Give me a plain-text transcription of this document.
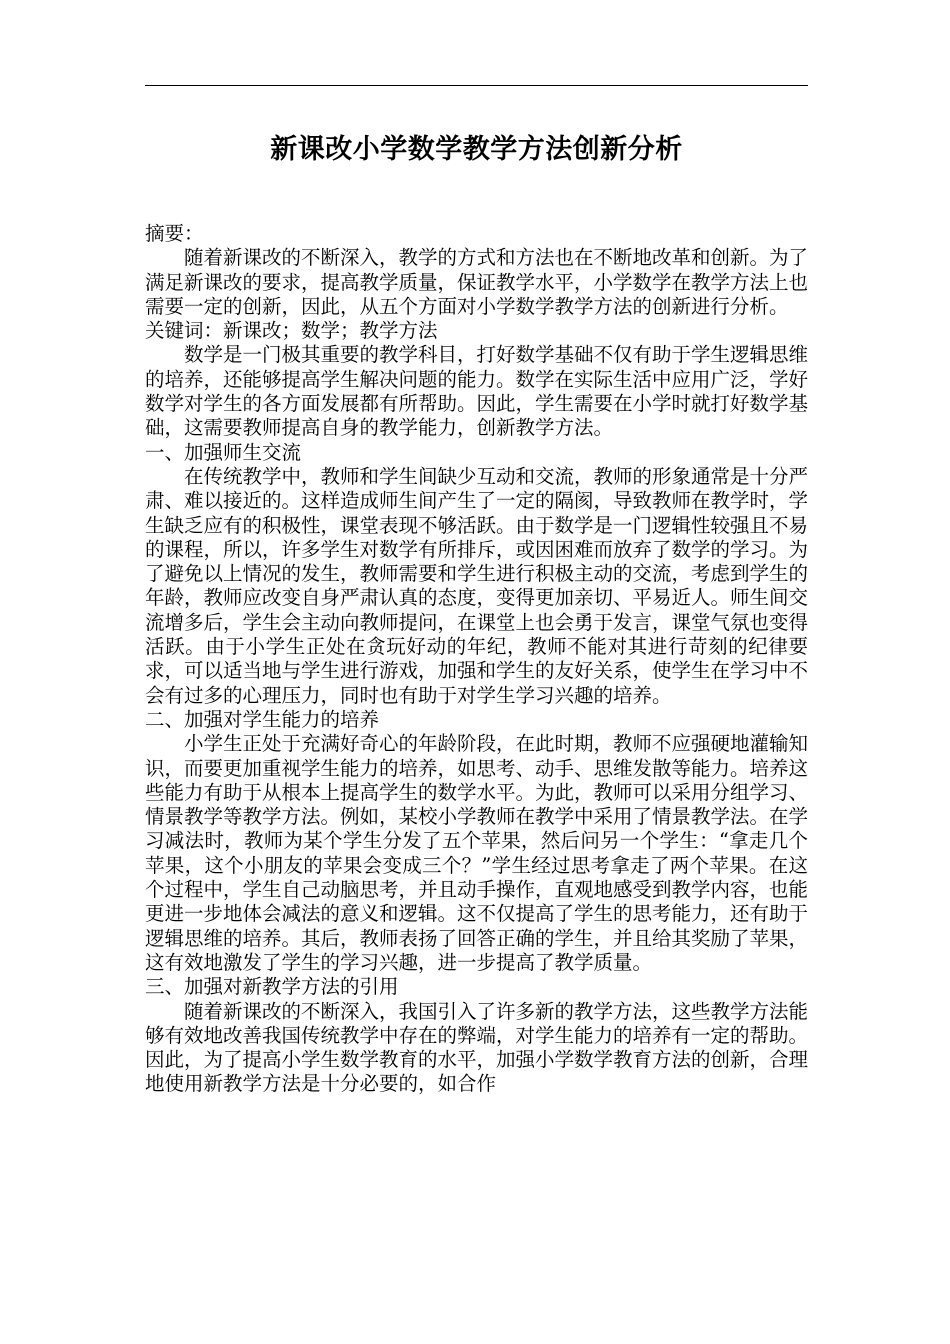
新课改小学数学教学方法创新分析

摘要：

随着新课改的不断深入，教学的方式和方法也在不断地改革和创新。为了满足新课改的要求，提高教学质量，保证教学水平，小学数学在教学方法上也需要一定的创新，因此，从五个方面对小学数学教学方法的创新进行分析。

关键词：新课改；数学；教学方法

数学是一门极其重要的教学科目，打好数学基础不仅有助于学生逻辑思维的培养，还能够提高学生解决问题的能力。数学在实际生活中应用广泛，学好数学对学生的各方面发展都有所帮助。因此，学生需要在小学时就打好数学基础，这需要教师提高自身的教学能力，创新教学方法。

一、加强师生交流

在传统教学中，教师和学生间缺少互动和交流，教师的形象通常是十分严肃、难以接近的。这样造成师生间产生了一定的隔阂，导致教师在教学时，学生缺乏应有的积极性，课堂表现不够活跃。由于数学是一门逻辑性较强且不易的课程，所以，许多学生对数学有所排斥，或因困难而放弃了数学的学习。为了避免以上情况的发生，教师需要和学生进行积极主动的交流，考虑到学生的年龄，教师应改变自身严肃认真的态度，变得更加亲切、平易近人。师生间交流增多后，学生会主动向教师提问，在课堂上也会勇于发言，课堂气氛也变得活跃。由于小学生正处在贪玩好动的年纪，教师不能对其进行苛刻的纪律要求，可以适当地与学生进行游戏，加强和学生的友好关系，使学生在学习中不会有过多的心理压力，同时也有助于对学生学习兴趣的培养。

二、加强对学生能力的培养

小学生正处于充满好奇心的年龄阶段，在此时期，教师不应强硬地灌输知识，而要更加重视学生能力的培养，如思考、动手、思维发散等能力。培养这些能力有助于从根本上提高学生的数学水平。为此，教师可以采用分组学习、情景教学等教学方法。例如，某校小学教师在教学中采用了情景教学法。在学习减法时，教师为某个学生分发了五个苹果，然后问另一个学生：“拿走几个苹果，这个小朋友的苹果会变成三个？”学生经过思考拿走了两个苹果。在这个过程中，学生自己动脑思考，并且动手操作，直观地感受到教学内容，也能更进一步地体会减法的意义和逻辑。这不仅提高了学生的思考能力，还有助于逻辑思维的培养。其后，教师表扬了回答正确的学生，并且给其奖励了苹果，这有效地激发了学生的学习兴趣，进一步提高了教学质量。

三、加强对新教学方法的引用

随着新课改的不断深入，我国引入了许多新的教学方法，这些教学方法能够有效地改善我国传统教学中存在的弊端，对学生能力的培养有一定的帮助。因此，为了提高小学生数学教育的水平，加强小学数学教育方法的创新，合理地使用新教学方法是十分必要的，如合作
